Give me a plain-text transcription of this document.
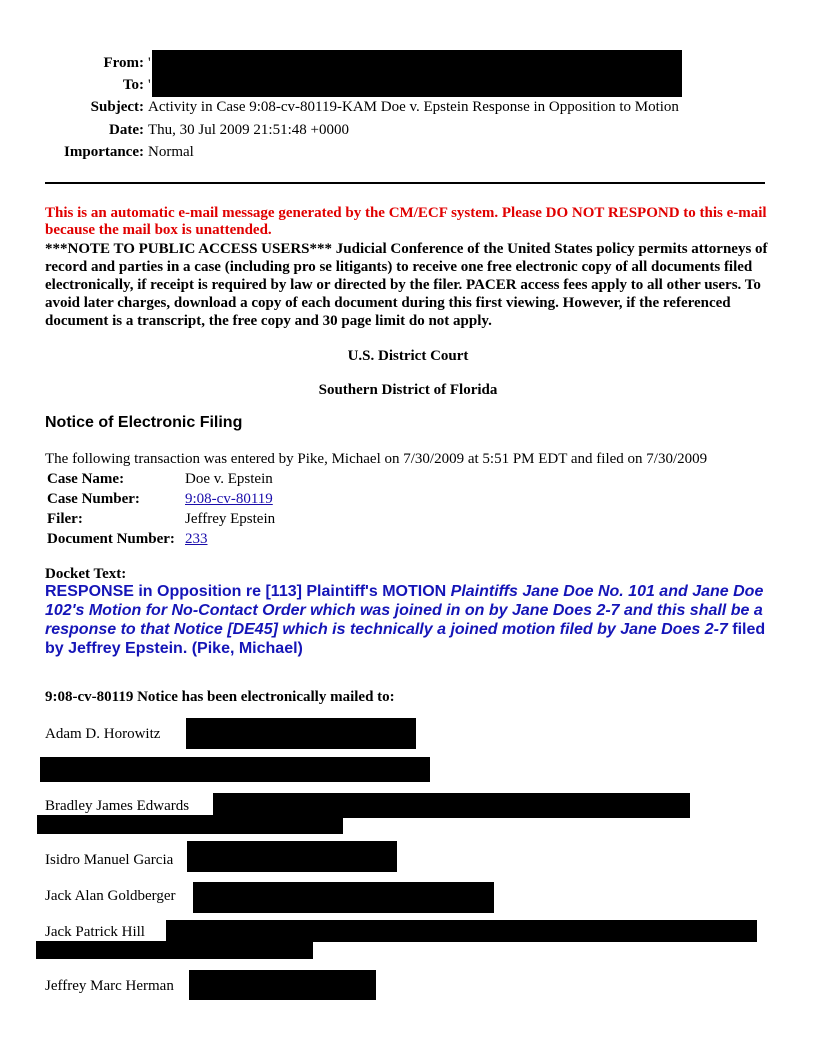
From: '
To: '
Subject: Activity in Case 9:08-cv-80119-KAM Doe v. Epstein Response in Opposition to Motion
Date: Thu, 30 Jul 2009 21:51:48 +0000
Importance: Normal
This is an automatic e-mail message generated by the CM/ECF system. Please DO NOT RESPOND to this e-mail because the mail box is unattended.
***NOTE TO PUBLIC ACCESS USERS*** Judicial Conference of the United States policy permits attorneys of record and parties in a case (including pro se litigants) to receive one free electronic copy of all documents filed electronically, if receipt is required by law or directed by the filer. PACER access fees apply to all other users. To avoid later charges, download a copy of each document during this first viewing. However, if the referenced document is a transcript, the free copy and 30 page limit do not apply.
U.S. District Court
Southern District of Florida
Notice of Electronic Filing
The following transaction was entered by Pike, Michael on 7/30/2009 at 5:51 PM EDT and filed on 7/30/2009
Case Name:	Doe v. Epstein
Case Number:	9:08-cv-80119
Filer:	Jeffrey Epstein
Document Number: 233
Docket Text:
RESPONSE in Opposition re [113] Plaintiff's MOTION Plaintiffs Jane Doe No. 101 and Jane Doe 102's Motion for No-Contact Order which was joined in on by Jane Does 2-7 and this shall be a response to that Notice [DE45] which is technically a joined motion filed by Jane Does 2-7 filed by Jeffrey Epstein. (Pike, Michael)
9:08-cv-80119 Notice has been electronically mailed to:
Adam D. Horowitz
Bradley James Edwards
Isidro Manuel Garcia
Jack Alan Goldberger
Jack Patrick Hill
Jeffrey Marc Herman
